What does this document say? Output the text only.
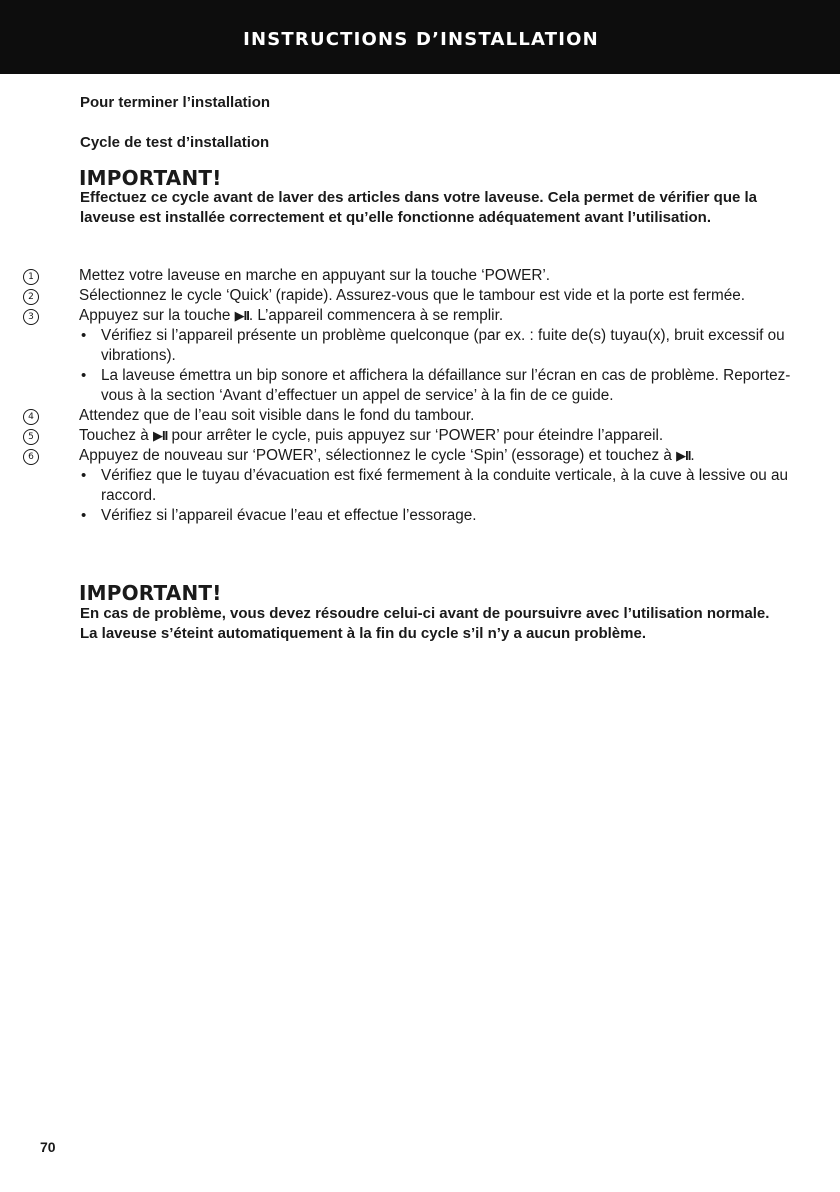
INSTRUCTIONS D’INSTALLATION
Pour terminer l’installation
Cycle de test d’installation
IMPORTANT!
Effectuez ce cycle avant de laver des articles dans votre laveuse. Cela permet de vérifier que la laveuse est installée correctement et qu’elle fonctionne adéquatement avant l’utilisation.
1	Mettez votre laveuse en marche en appuyant sur la touche ‘POWER’.
2	Sélectionnez le cycle ‘Quick’ (rapide). Assurez-vous que le tambour est vide et la porte est fermée.
3	Appuyez sur la touche ▶II. L’appareil commencera à se remplir.
• Vérifiez si l’appareil présente un problème quelconque (par ex. : fuite de(s) tuyau(x), bruit excessif ou vibrations).
• La laveuse émettra un bip sonore et affichera la défaillance sur l’écran en cas de problème. Reportez-vous à la section ‘Avant d’effectuer un appel de service’ à la fin de ce guide.
4	Attendez que de l’eau soit visible dans le fond du tambour.
5	Touchez à ▶II pour arrêter le cycle, puis appuyez sur ‘POWER’ pour éteindre l’appareil.
6	Appuyez de nouveau sur ‘POWER’, sélectionnez le cycle ‘Spin’ (essorage) et touchez à ▶II.
• Vérifiez que le tuyau d’évacuation est fixé fermement à la conduite verticale, à la cuve à lessive ou au raccord.
• Vérifiez si l’appareil évacue l’eau et effectue l’essorage.
IMPORTANT!
En cas de problème, vous devez résoudre celui-ci avant de poursuivre avec l’utilisation normale. La laveuse s’éteint automatiquement à la fin du cycle s’il n’y a aucun problème.
70
